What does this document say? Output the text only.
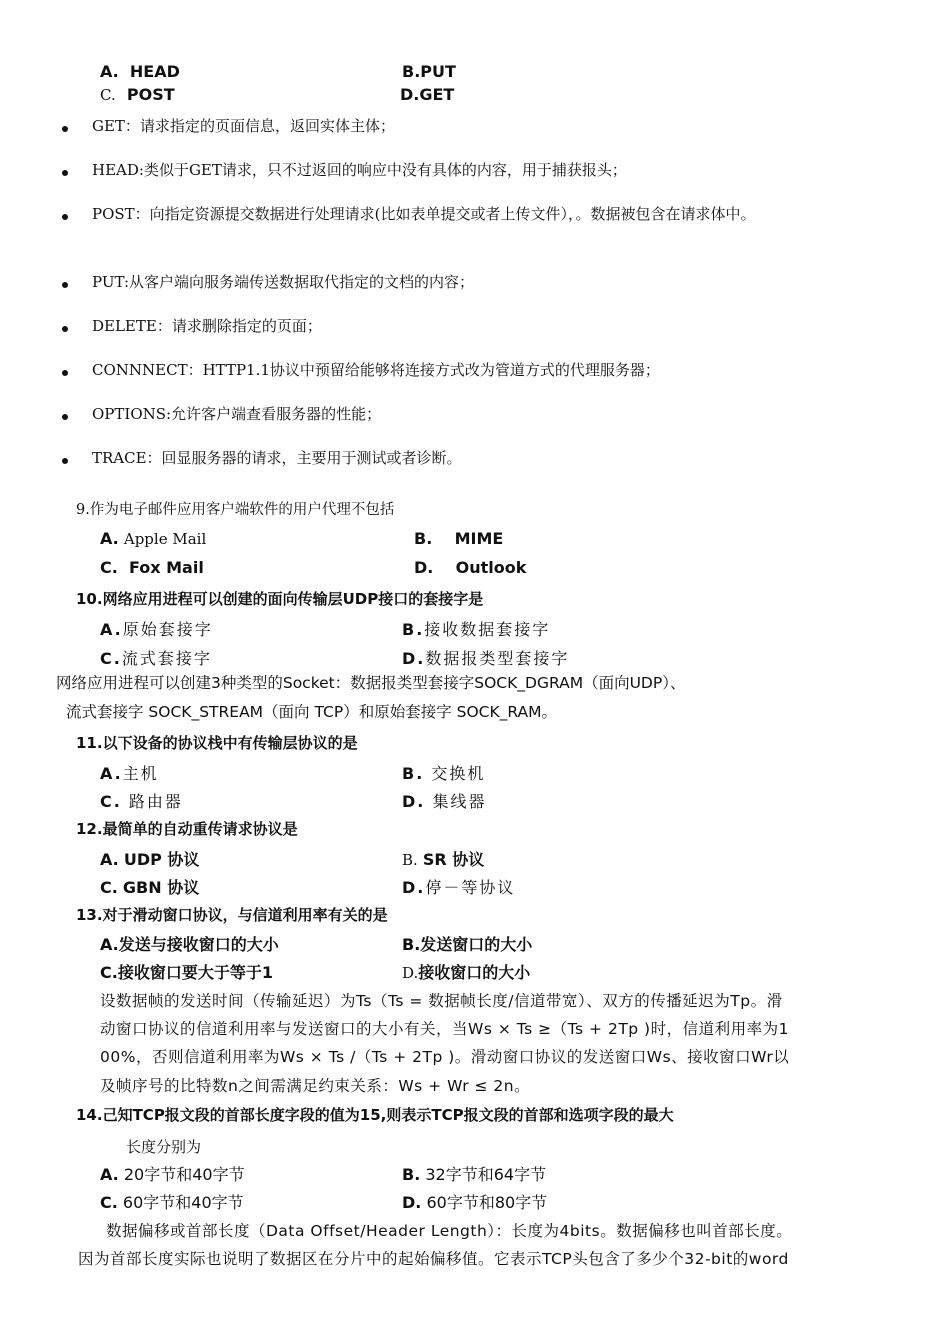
A. HEAD	B.PUT
C. POST	D.GET
GET：请求指定的页面信息，返回实体主体；
HEAD:类似于GET请求，只不过返回的响应中没有具体的内容，用于捕获报头；
POST：向指定资源提交数据进行处理请求(比如表单提交或者上传文件），。数据被包含在请求体中。
PUT:从客户端向服务端传送数据取代指定的文档的内容；
DELETE：请求删除指定的页面；
CONNNECT：HTTP1.1协议中预留给能够将连接方式改为管道方式的代理服务器；
OPTIONS:允许客户端查看服务器的性能；
TRACE：回显服务器的请求，主要用于测试或者诊断。
9.作为电子邮件应用客户端软件的用户代理不包括
A. Apple Mail	B. MIME
C. Fox Mail	D. Outlook
10.网络应用进程可以创建的面向传输层UDP接口的套接字是
A.原始套接字	B.接收数据套接字
C.流式套接字	D.数据报类型套接字
网络应用进程可以创建3种类型的Socket：数据报类型套接字SOCK_DGRAM（面向UDP）、
流式套接字 SOCK_STREAM（面向 TCP）和原始套接字 SOCK_RAM。
11.以下设备的协议栈中有传输层协议的是
A.主机	B. 交换机
C. 路由器	D. 集线器
12.最简单的自动重传请求协议是
A. UDP 协议	B. SR 协议
C. GBN 协议	D.停－等协议
13.对于滑动窗口协议，与信道利用率有关的是
A.发送与接收窗口的大小	B.发送窗口的大小
C.接收窗口要大于等于1	D.接收窗口的大小
设数据帧的发送时间（传输延迟）为Ts（Ts = 数据帧长度/信道带宽）、双方的传播延迟为Tp。滑
动窗口协议的信道利用率与发送窗口的大小有关，当Ws × Ts ≥（Ts + 2Tp )时，信道利用率为1
00%，否则信道利用率为Ws × Ts /（Ts + 2Tp )。滑动窗口协议的发送窗口Ws、接收窗口Wr以
及帧序号的比特数n之间需满足约束关系：Ws + Wr ≤ 2n。
14.己知TCP报文段的首部长度字段的值为15,则表示TCP报文段的首部和选项字段的最大
长度分别为
A. 20字节和40字节	B. 32字节和64字节
C. 60字节和40字节	D. 60字节和80字节
数据偏移或首部长度（Data Offset/Header Length）：长度为4bits。数据偏移也叫首部长度。
因为首部长度实际也说明了数据区在分片中的起始偏移值。它表示TCP头包含了多少个32-bit的word
